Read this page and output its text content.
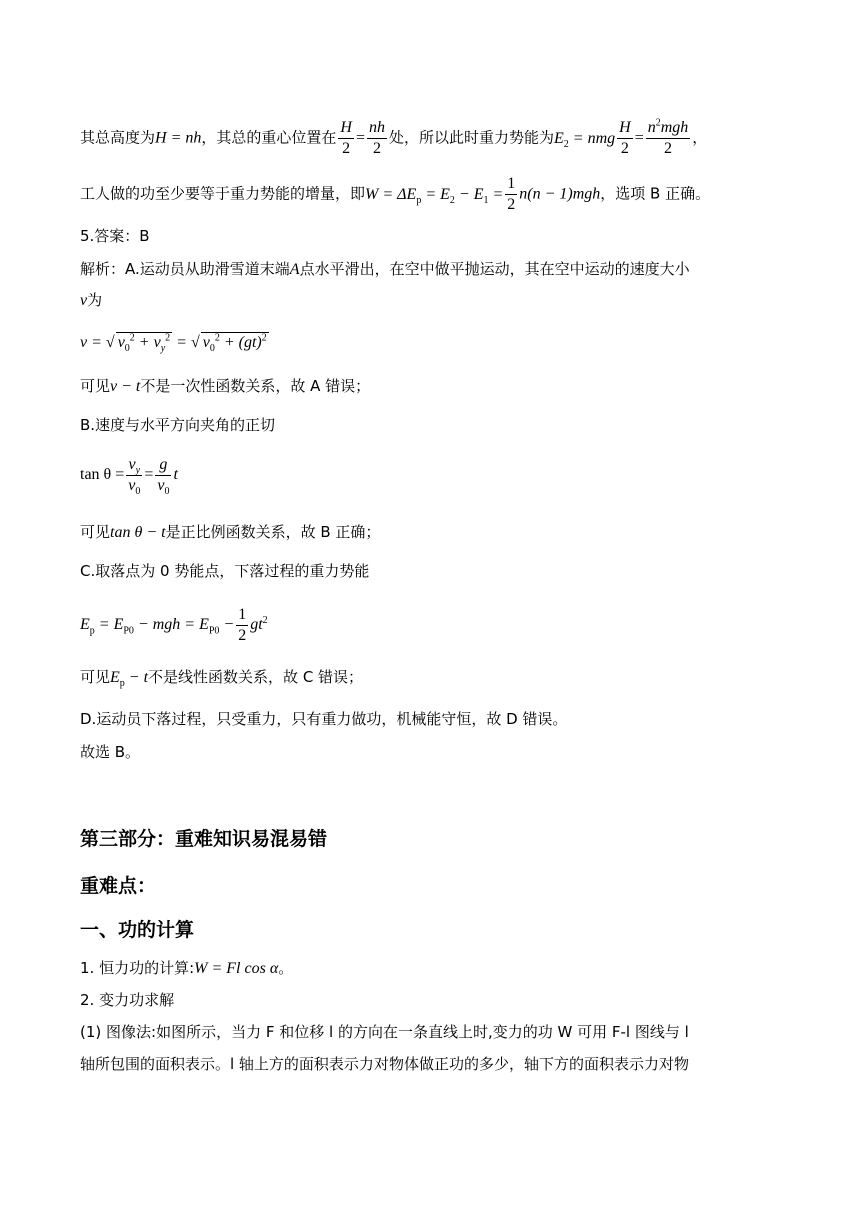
其总高度为H = nh，其总的重心位置在 $\frac{H}{2} = \frac{nh}{2}$ 处，所以此时重力势能为$E_2$ = nmg $\frac{H}{2} = \frac{n^2mgh}{2}$ ，
工人做的功至少要等于重力势能的增量，即$W = \Delta E_p = E_2 - E_1 = \frac{1}{2} n(n - 1)mgh$，选项 B 正确。
5.答案：B
解析：A.运动员从助滑雪道末端A点水平滑出，在空中做平抛运动，其在空中运动的速度大小
v为
v = √ $v_0^2 + v_y^2$ = √ $v_0^2 + (gt)^2$
可见v − t不是一次性函数关系，故 A 错误；
B.速度与水平方向夹角的正切
$\tan \theta = \frac{v_y}{v_0} = \frac{g}{v_0}$ t
可见tan θ − t是正比例函数关系，故 B 正确；
C.取落点为 0 势能点，下落过程的重力势能
$E_p = E_{P0}$ − mgh = $E_{P0} - \frac{1}{2} gt^2$
可见$E_p - t$不是线性函数关系，故 C 错误；
D.运动员下落过程，只受重力，只有重力做功，机械能守恒，故 D 错误。
故选 B。
第三部分：重难知识易混易错
重难点：
一、功的计算
1. 恒力功的计算:W = Fl cos α。
2. 变力功求解
(1) 图像法:如图所示，当力 F 和位移 l 的方向在一条直线上时,变力的功 W 可用 F-l 图线与 l
轴所包围的面积表示。l 轴上方的面积表示力对物体做正功的多少，轴下方的面积表示力对物
